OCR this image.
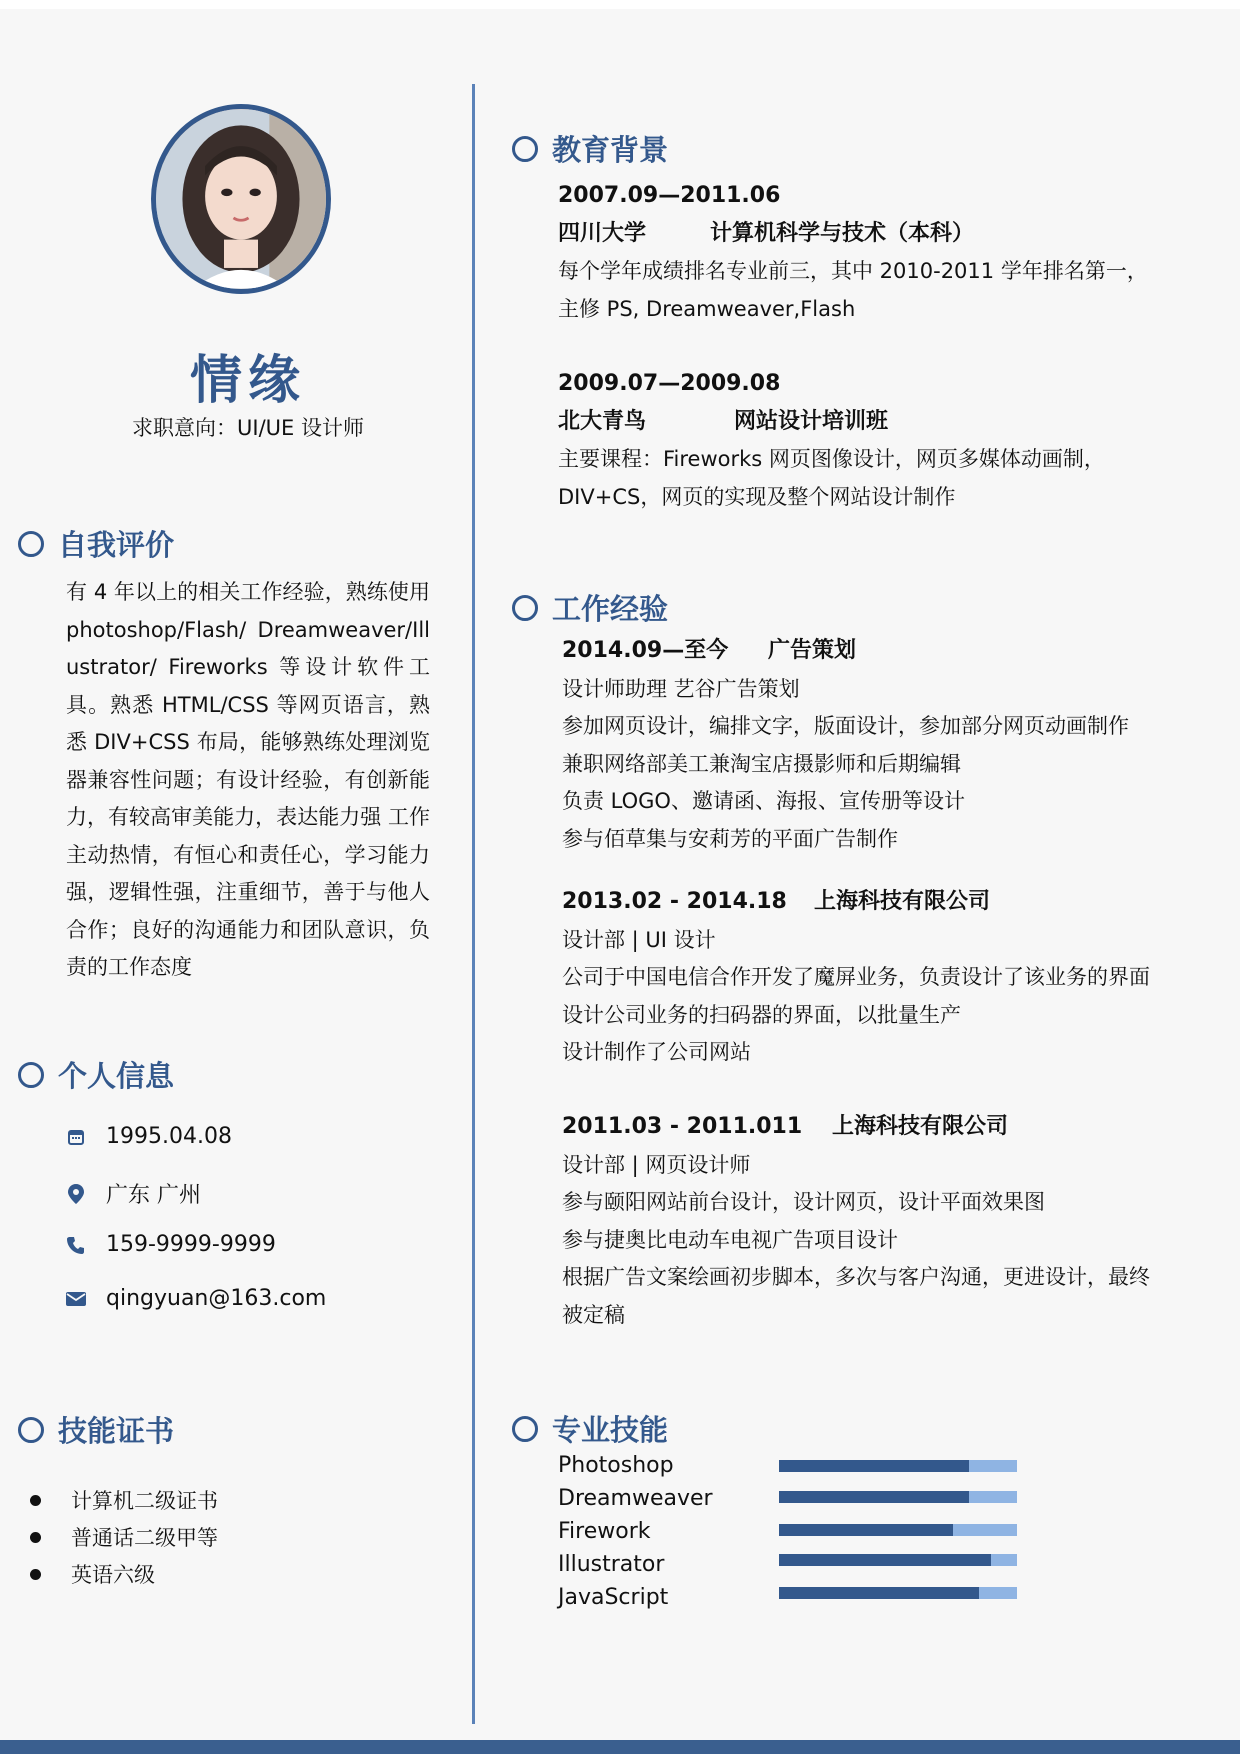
情缘
求职意向：UI/UE 设计师
自我评价
有 4 年以上的相关工作经验，熟练使用 photoshop/Flash/ Dreamweaver/Illustrator/ Fireworks 等设计软件工具。熟悉 HTML/CSS 等网页语言，熟悉 DIV+CSS 布局，能够熟练处理浏览器兼容性问题；有设计经验，有创新能力，有较高审美能力，表达能力强 工作主动热情，有恒心和责任心，学习能力强，逻辑性强，注重细节，善于与他人合作；良好的沟通能力和团队意识，负责的工作态度
个人信息
1995.04.08
广东 广州
159-9999-9999
qingyuan@163.com
技能证书
计算机二级证书
普通话二级甲等
英语六级
教育背景
2007.09—2011.06
四川大学	计算机科学与技术（本科）
每个学年成绩排名专业前三，其中 2010-2011 学年排名第一，
主修 PS, Dreamweaver,Flash
2009.07—2009.08
北大青鸟	网站设计培训班
主要课程：Fireworks 网页图像设计，网页多媒体动画制，
DIV+CS，网页的实现及整个网站设计制作
工作经验
2014.09—至今 广告策划
设计师助理 艺谷广告策划
参加网页设计，编排文字，版面设计，参加部分网页动画制作
兼职网络部美工兼淘宝店摄影师和后期编辑
负责 LOGO、邀请函、海报、宣传册等设计
参与佰草集与安莉芳的平面广告制作
2013.02 - 2014.18 上海科技有限公司
设计部 | UI 设计
公司于中国电信合作开发了魔屏业务，负责设计了该业务的界面
设计公司业务的扫码器的界面，以批量生产
设计制作了公司网站
2011.03 - 2011.011 上海科技有限公司
设计部 | 网页设计师
参与颐阳网站前台设计，设计网页，设计平面效果图
参与捷奥比电动车电视广告项目设计
根据广告文案绘画初步脚本，多次与客户沟通，更进设计，最终
被定稿
专业技能
Photoshop
Dreamweaver
Firework
Illustrator
JavaScript
